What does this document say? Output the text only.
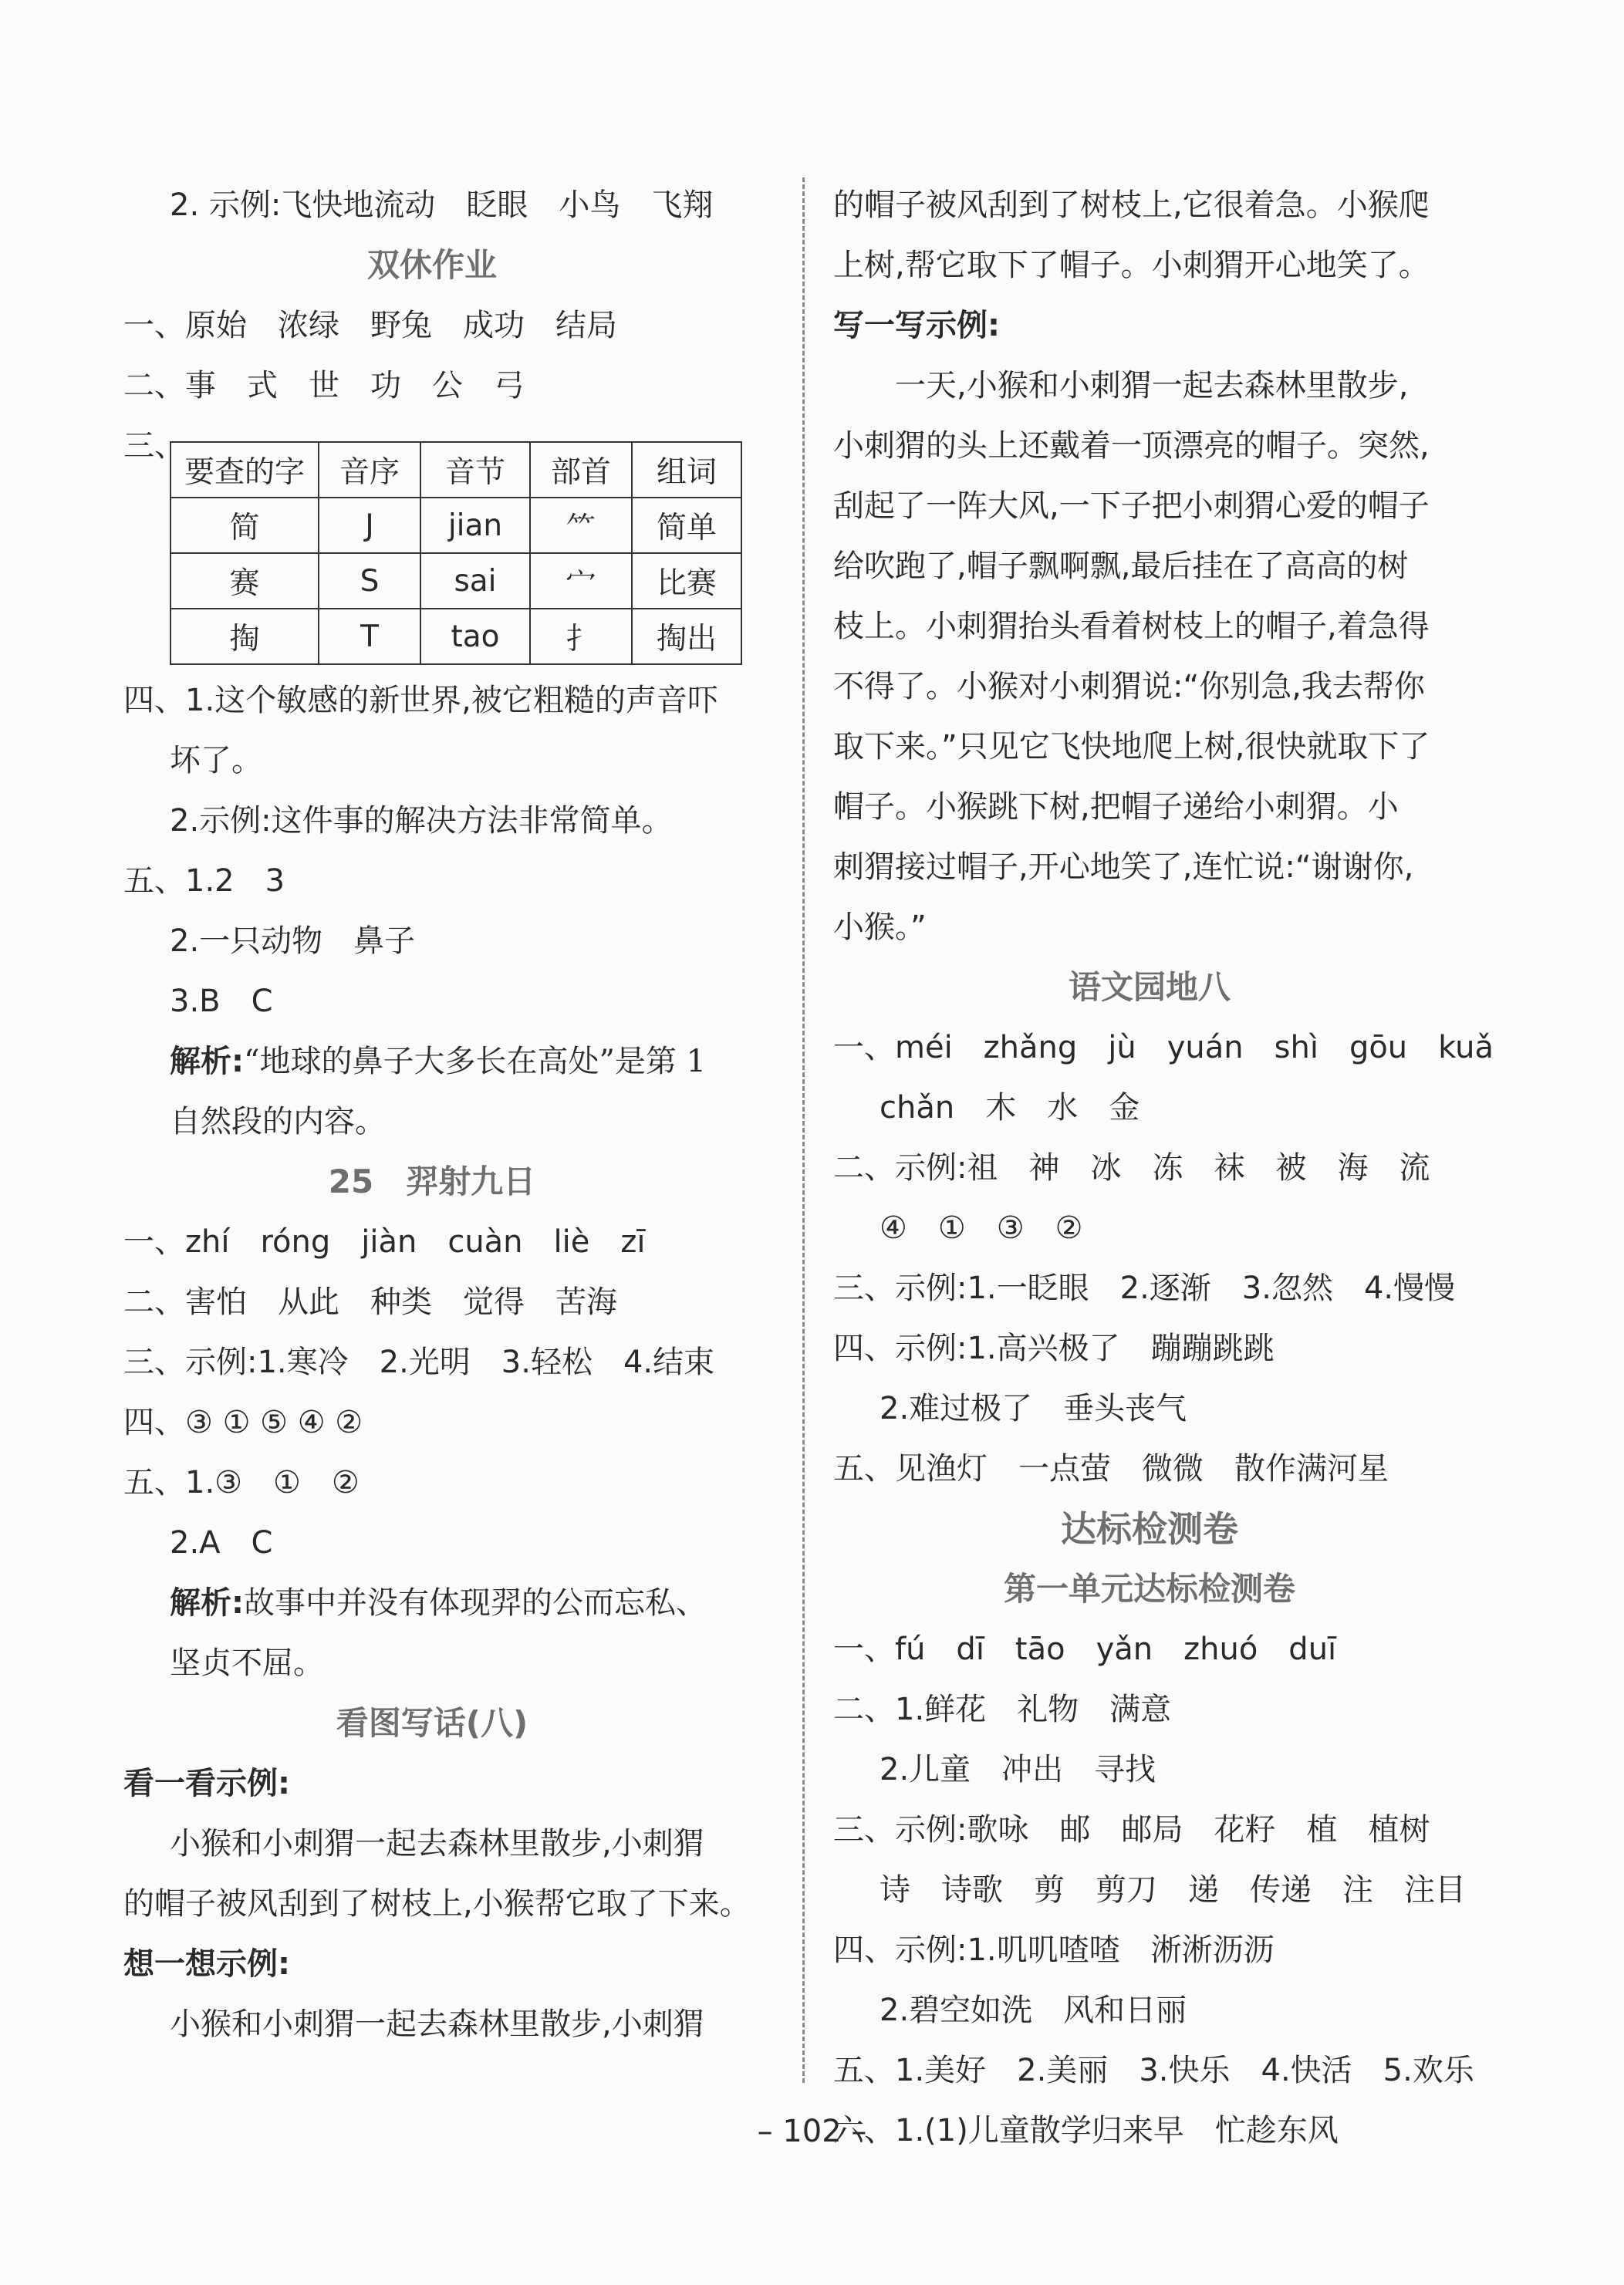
2. 示例:飞快地流动　眨眼　小鸟　飞翔
双休作业
一、原始　浓绿　野兔　成功　结局
二、事　式　世　功　公　弓
三、
要查的字	音序	音节	部首	组词
简	J	jian	⺮	简单
赛	S	sai	宀	比赛
掏	T	tao	扌	掏出
四、1.这个敏感的新世界,被它粗糙的声音吓
坏了。
2.示例:这件事的解决方法非常简单。
五、1.2　3
2.一只动物　鼻子
3.B　C
解析:“地球的鼻子大多长在高处”是第 1
自然段的内容。
25　羿射九日
一、zhí　róng　jiàn　cuàn　liè　zī
二、害怕　从此　种类　觉得　苦海
三、示例:1.寒冷　2.光明　3.轻松　4.结束
四、③ ① ⑤ ④ ②
五、1.③　①　②
2.A　C
解析:故事中并没有体现羿的公而忘私、
坚贞不屈。
看图写话(八)
看一看示例:
小猴和小刺猬一起去森林里散步,小刺猬
的帽子被风刮到了树枝上,小猴帮它取了下来。
想一想示例:
小猴和小刺猬一起去森林里散步,小刺猬
的帽子被风刮到了树枝上,它很着急。小猴爬
上树,帮它取下了帽子。小刺猬开心地笑了。
写一写示例:
一天,小猴和小刺猬一起去森林里散步,
小刺猬的头上还戴着一顶漂亮的帽子。突然,
刮起了一阵大风,一下子把小刺猬心爱的帽子
给吹跑了,帽子飘啊飘,最后挂在了高高的树
枝上。小刺猬抬头看着树枝上的帽子,着急得
不得了。小猴对小刺猬说:“你别急,我去帮你
取下来。”只见它飞快地爬上树,很快就取下了
帽子。小猴跳下树,把帽子递给小刺猬。小
刺猬接过帽子,开心地笑了,连忙说:“谢谢你,
小猴。”
语文园地八
一、méi　zhǎng　jù　yuán　shì　gōu　kuǎ
chǎn　木　水　金
二、示例:祖　神　冰　冻　袜　被　海　流
④　①　③　②
三、示例:1.一眨眼　2.逐渐　3.忽然　4.慢慢
四、示例:1.高兴极了　蹦蹦跳跳
2.难过极了　垂头丧气
五、见渔灯　一点萤　微微　散作满河星
达标检测卷
第一单元达标检测卷
一、fú　dī　tāo　yǎn　zhuó　duī
二、1.鲜花　礼物　满意
2.儿童　冲出　寻找
三、示例:歌咏　邮　邮局　花籽　植　植树
诗　诗歌　剪　剪刀　递　传递　注　注目
四、示例:1.叽叽喳喳　淅淅沥沥
2.碧空如洗　风和日丽
五、1.美好　2.美丽　3.快乐　4.快活　5.欢乐
六、1.(1)儿童散学归来早　忙趁东风
– 102 –
